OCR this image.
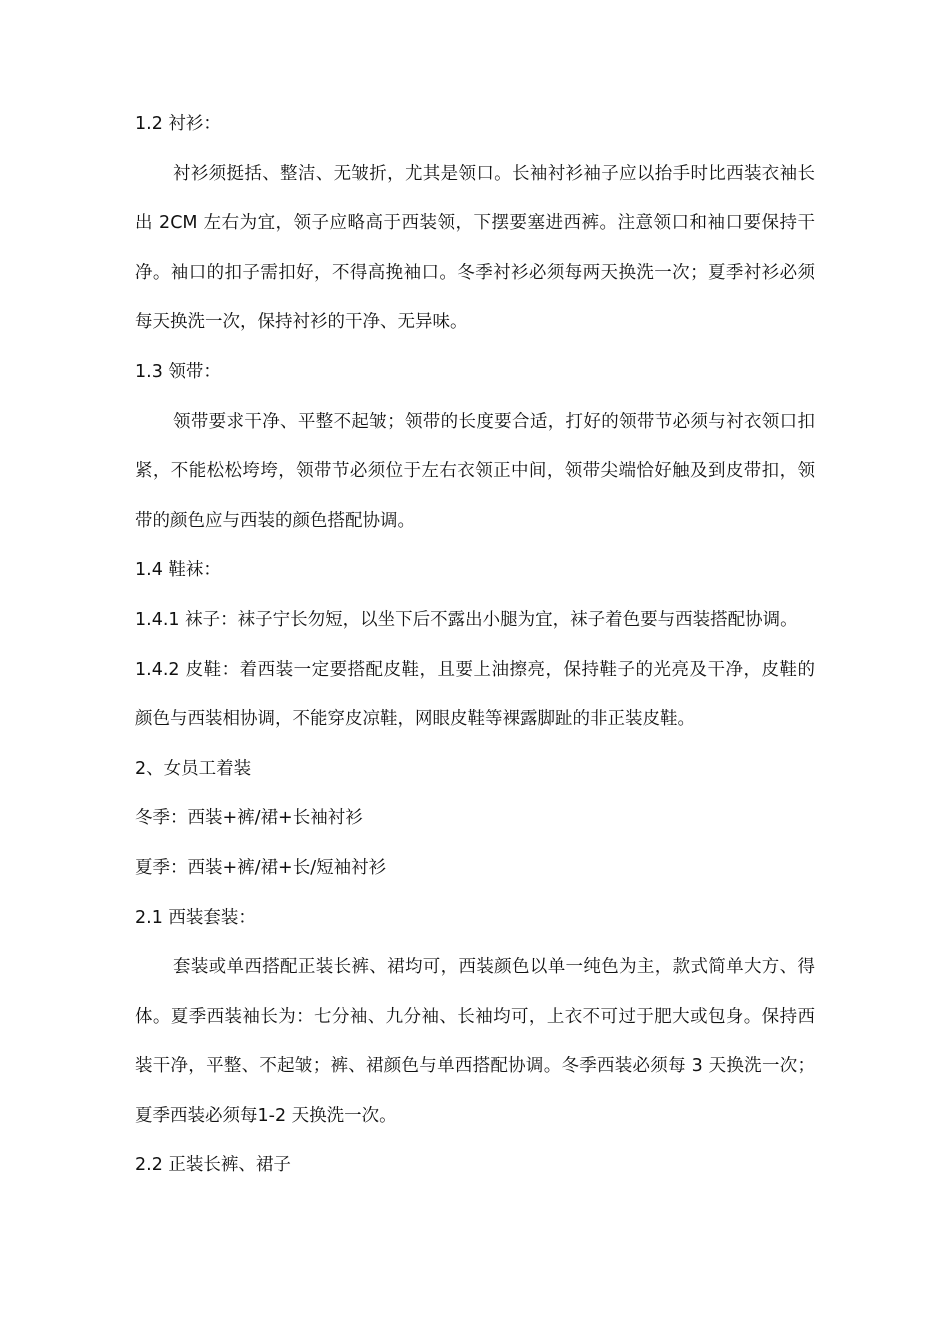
1.2 衬衫：
衬衫须挺括、整洁、无皱折，尤其是领口。长袖衬衫袖子应以抬手时比西装衣袖长出 2CM 左右为宜，领子应略高于西装领，下摆要塞进西裤。注意领口和袖口要保持干净。袖口的扣子需扣好，不得高挽袖口。冬季衬衫必须每两天换洗一次；夏季衬衫必须每天换洗一次，保持衬衫的干净、无异味。
1.3 领带：
领带要求干净、平整不起皱；领带的长度要合适，打好的领带节必须与衬衣领口扣紧，不能松松垮垮，领带节必须位于左右衣领正中间，领带尖端恰好触及到皮带扣，领带的颜色应与西装的颜色搭配协调。
1.4 鞋袜：
1.4.1 袜子：袜子宁长勿短，以坐下后不露出小腿为宜，袜子着色要与西装搭配协调。
1.4.2 皮鞋：着西装一定要搭配皮鞋，且要上油擦亮，保持鞋子的光亮及干净，皮鞋的颜色与西装相协调，不能穿皮凉鞋，网眼皮鞋等裸露脚趾的非正装皮鞋。
2、女员工着装
冬季：西装+裤/裙+长袖衬衫
夏季：西装+裤/裙+长/短袖衬衫
2.1 西装套装：
套装或单西搭配正装长裤、裙均可，西装颜色以单一纯色为主，款式简单大方、得体。夏季西装袖长为：七分袖、九分袖、长袖均可，上衣不可过于肥大或包身。保持西装干净，平整、不起皱；裤、裙颜色与单西搭配协调。冬季西装必须每 3 天换洗一次；夏季西装必须每1-2 天换洗一次。
2.2 正装长裤、裙子
